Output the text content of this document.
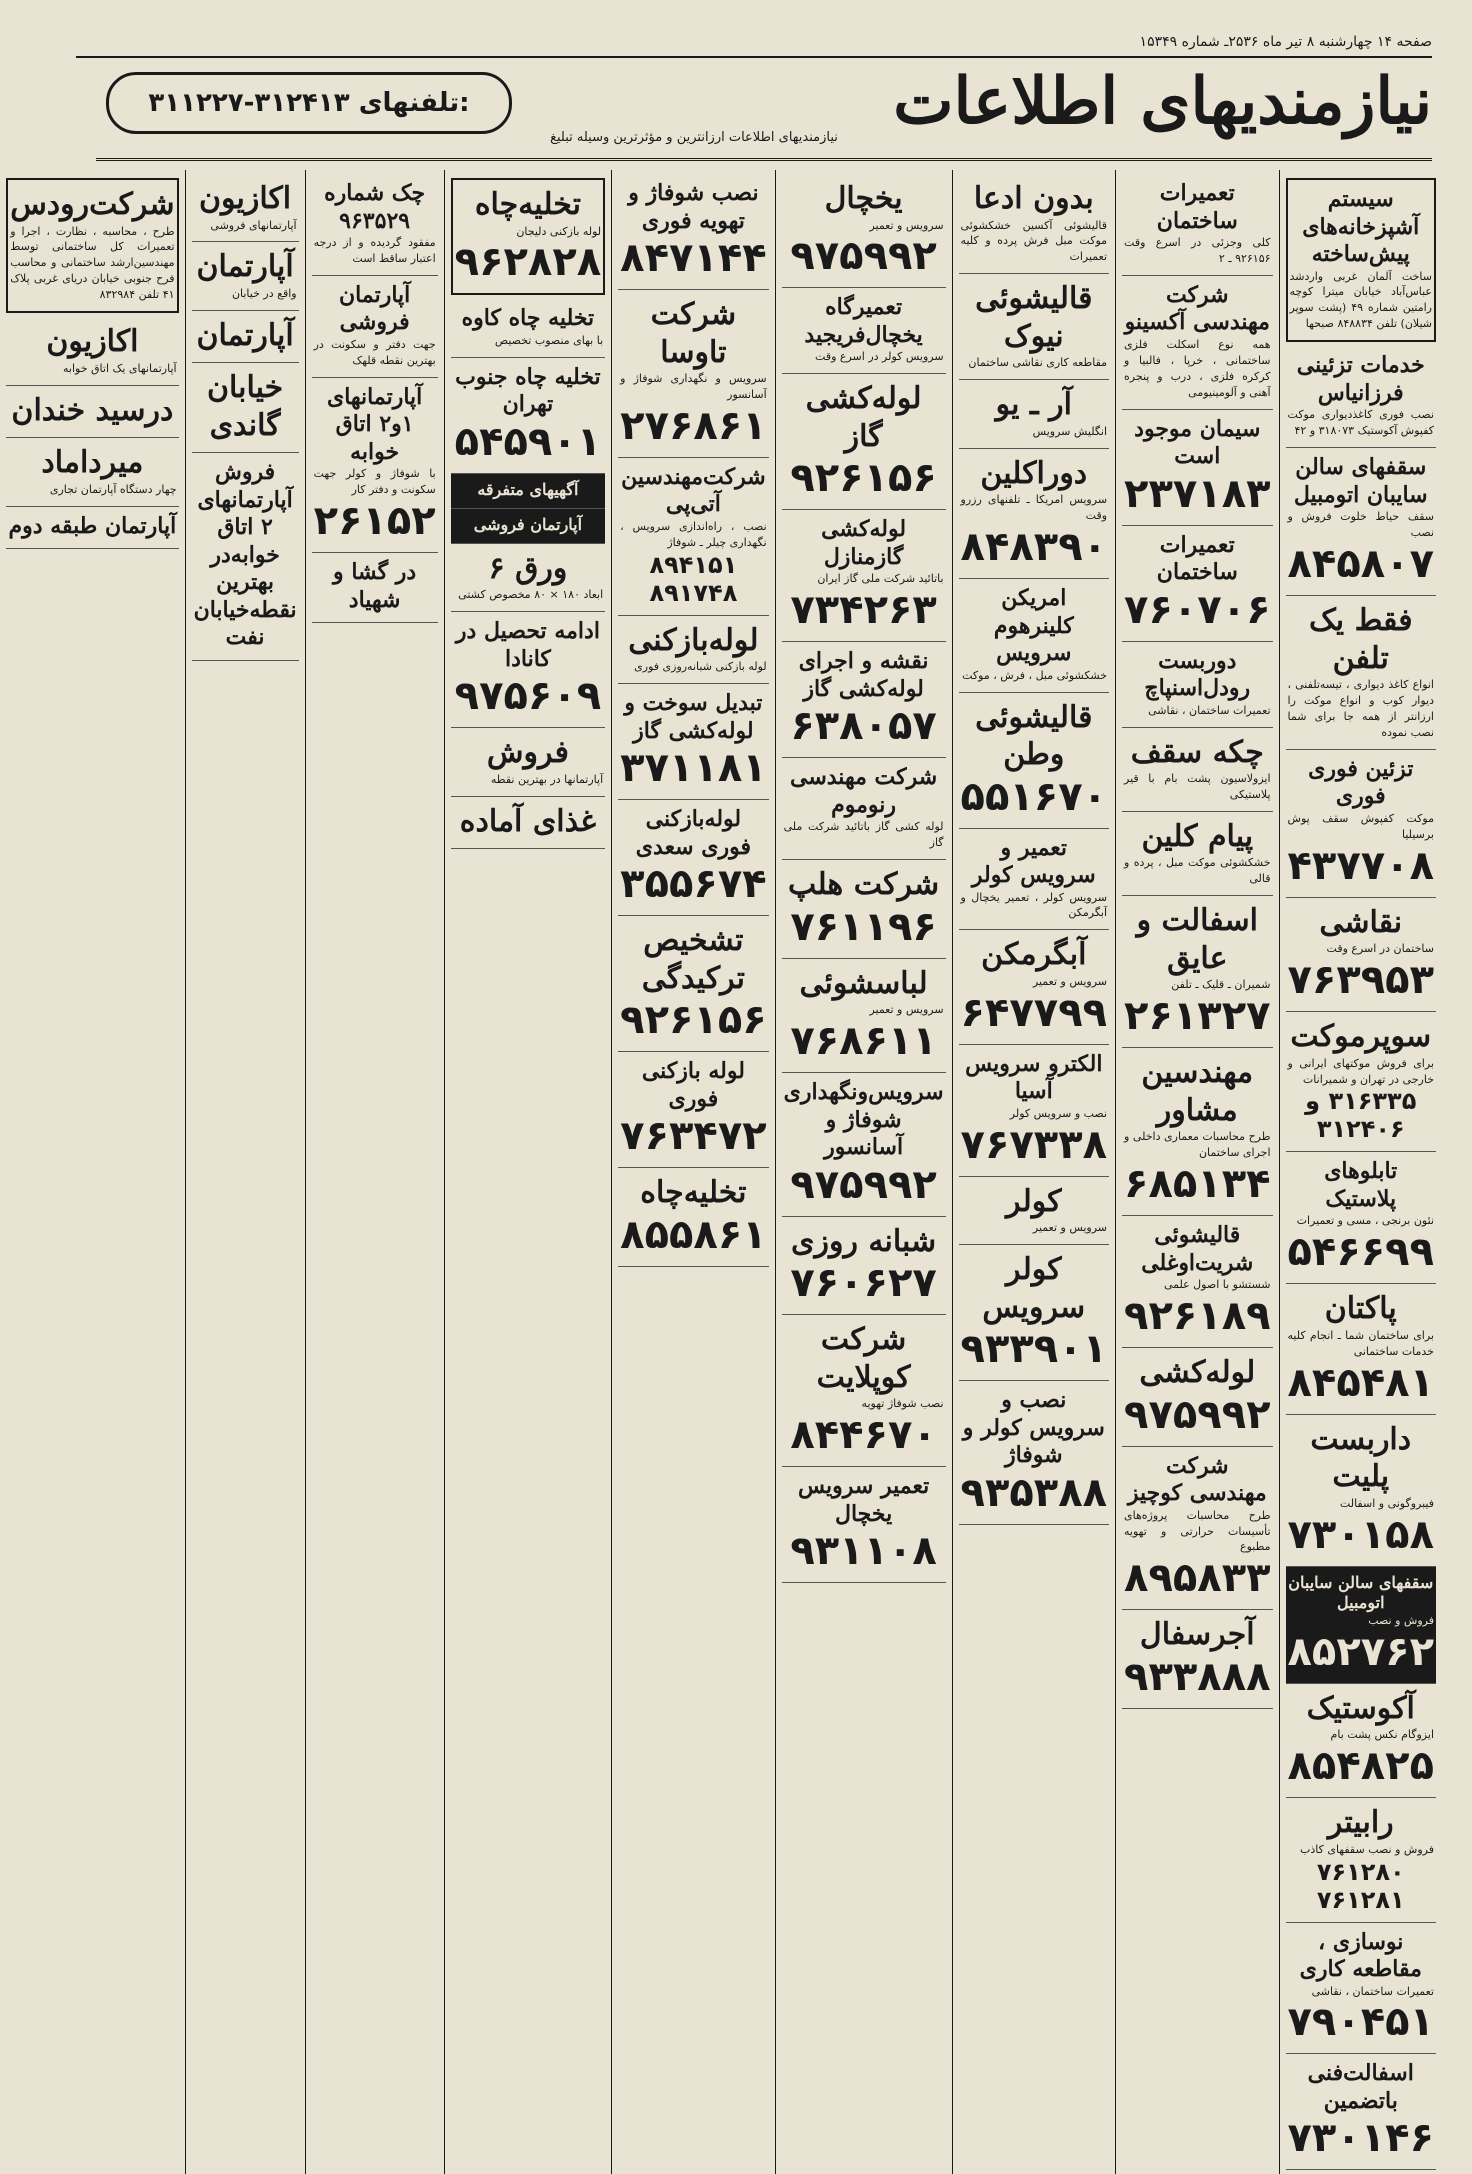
صفحه ۱۴ چهارشنبه ۸ تیر ماه ۲۵۳۶ـ شماره ۱۵۳۴۹
نیازمندیهای اطلاعات
۳۱۱۲۲۷-۳۱۲۴۱۳ تلفنهای:
نیازمندیهای اطلاعات ارزانترین و مؤثرترین وسیله تبلیغ
سیستم آشپزخانه‌های پیش‌ساخته
ساخت آلمان غربی واردشد عباس‌آباد خیابان میترا کوچه رامتین شماره ۴۹ (پشت سوپر شیلان) تلفن ۸۴۸۸۳۴ صبحها
خدمات تزئینی فرزانیاس
نصب فوری کاغذدیواری موکت کفپوش آکوستیک ۳۱۸۰۷۳ و ۴۲
سقفهای سالن سایبان اتومبیل
سقف حیاط خلوت فروش و نصب
۸۴۵۸۰۷
فقط یک تلفن
انواع کاغذ دیواری ، تیسه‌تلفنی ، دیوار کوب و انواع موکت را ارزانتر از همه جا برای شما نصب نموده
تزئین فوری فوری
موکت کفپوش سقف پوش برسیلیا
۴۳۷۷۰۸
نقاشی
ساختمان در اسرع وقت
۷۶۳۹۵۳
سوپرموکت
برای فروش موکتهای ایرانی و خارجی در تهران و شمیرانات
۳۱۶۳۳۵ و ۳۱۲۴۰۶
تابلوهای پلاستیک
نئون برنجی ، مسی و تعمیرات
۵۴۶۶۹۹
پاکتان
برای ساختمان شما ـ انجام کلیه خدمات ساختمانی
۸۴۵۴۸۱
داربست پلیت
فیبروگونی و اسفالت
۷۳۰۱۵۸
سقفهای سالن سایبان اتومبیل
فروش و نصب
۸۵۲۷۶۲
آکوستیک
ایزوگام نکس پشت بام
۸۵۴۸۲۵
رابیتر
فروش و نصب سقفهای کاذب
۷۶۱۲۸۰ ۷۶۱۲۸۱
نوسازی ، مقاطعه کاری
تعمیرات ساختمان ، نقاشی
۷۹۰۴۵۱
اسفالت‌فنی باتضمین
۷۳۰۱۴۶
تعمیرات ساختمان
کلی وجزئی در اسرع وقت ۹۲۶۱۵۶ ـ ۲
شرکت مهندسی آکسینو
همه نوع اسکلت فلزی ساختمانی ، خرپا ، فالبیا و کرکره فلزی ، درب و پنجره آهنی و آلومینیومی
سیمان موجود است
۲۳۷۱۸۳
تعمیرات ساختمان
۷۶۰۷۰۶
دوربست رودل‌اسنپاچ
تعمیرات ساختمان ، نقاشی
چکه سقف
ایزولاسیون پشت بام با قیر پلاستیکی
پیام کلین
خشکشوئی موکت مبل ، پرده و قالی
اسفالت و عایق
شمیران ـ قلیک ـ تلفن
۲۶۱۳۲۷
مهندسین مشاور
طرح محاسبات معماری داخلی و اجرای ساختمان
۶۸۵۱۳۴
قالیشوئی شریت‌اوغلی
شستشو با اصول علمی
۹۲۶۱۸۹
لوله‌کشی
۹۷۵۹۹۲
شرکت مهندسی کوچیز
طرح محاسبات پروژه‌های تأسیسات حرارتی و تهویه مطبوع
۸۹۵۸۳۳
آجرسفال
۹۳۳۸۸۸
بدون ادعا
قالیشوئی آکسین خشکشوئی موکت مبل فرش پرده و کلیه تعمیرات
قالیشوئی نیوک
مقاطعه کاری نقاشی ساختمان
آر ـ یو
انگلیش سرویس
دوراکلین
سرویس امریکا ـ تلفنهای رزرو وقت
۸۴۸۳۹۰
امریکن کلینرهوم سرویس
خشکشوئی مبل ، فرش ، موکت
قالیشوئی وطن
۵۵۱۶۷۰
تعمیر و سرویس کولر
سرویس کولر ، تعمیر یخچال و آبگرمکن
آبگرمکن
سرویس و تعمیر
۶۴۷۷۹۹
الکترو سرویس آسیا
نصب و سرویس کولر
۷۶۷۳۳۸
کولر
سرویس و تعمیر
کولر سرویس
۹۳۳۹۰۱
نصب و سرویس کولر و شوفاژ
۹۳۵۳۸۸
یخچال
سرویس و تعمیر
۹۷۵۹۹۲
تعمیرگاه یخچال‌فریجید
سرویس کولر در اسرع وقت
لوله‌کشی گاز
۹۲۶۱۵۶
لوله‌کشی گازمنازل
باتائید شرکت ملی گاز ایران
۷۳۴۲۶۳
نقشه و اجرای لوله‌کشی گاز
۶۳۸۰۵۷
شرکت مهندسی رنوموم
لوله کشی گاز باتائید شرکت ملی گاز
شرکت هلپ
۷۶۱۱۹۶
لباسشوئی
سرویس و تعمیر
۷۶۸۶۱۱
سرویس‌ونگهداری شوفاژ و آسانسور
۹۷۵۹۹۲
شبانه روزی
۷۶۰۶۲۷
شرکت کوپلایت
نصب شوفاژ تهویه
۸۴۴۶۷۰
تعمیر سرویس یخچال
۹۳۱۱۰۸
نصب شوفاژ و تهویه فوری
۸۴۷۱۴۴
شرکت تاوسا
سرویس و نگهداری شوفاژ و آسانسور
۲۷۶۸۶۱
شرکت‌مهندسین آتی‌پی
نصب ، راه‌اندازی سرویس ، نگهداری چیلر ـ شوفاژ
۸۹۴۱۵۱ ۸۹۱۷۴۸
لوله‌بازکنی
لوله بازکنی شبانه‌روزی فوری
تبدیل سوخت و لوله‌کشی گاز
۳۷۱۱۸۱
لوله‌بازکنی فوری سعدی
۳۵۵۶۷۴
تشخیص ترکیدگی
۹۲۶۱۵۶
لوله بازکنی فوری
۷۶۳۴۷۲
تخلیه‌چاه
۸۵۵۸۶۱
تخلیه‌چاه
لوله بازکنی دلیجان
۹۶۲۸۲۸
تخلیه چاه کاوه
با بهای منصوب تخصیص
تخلیه چاه جنوب تهران
۵۴۵۹۰۱
آگهیهای متفرقه
آپارتمان فروشی
ورق ۶
ابعاد ۱۸۰ × ۸۰ مخصوص کشتی
ادامه تحصیل در کانادا
۹۷۵۶۰۹
فروش
آپارتمانها در بهترین نقطه
غذای آماده
چک شماره ۹۶۳۵۲۹
مفقود گردیده و از درجه اعتبار ساقط است
آپارتمان فروشی
جهت دفتر و سکونت در بهترین نقطه قلهک
آپارتمانهای ۱و۲ اتاق خوابه
با شوفاژ و کولر جهت سکونت و دفتر کار
۲۶۱۵۲
در گشا و شهیاد
اکازیون
آپارتمانهای فروشی
آپارتمان
واقع در خیابان
آپارتمان
خیابان گاندی
فروش آپارتمانهای ۲ اتاق خوابه‌در بهترین نقطه‌خیابان نفت
شرکت‌رودس
طرح ، محاسبه ، نظارت ، اجرا و تعمیرات کل ساختمانی توسط مهندسین‌ارشد ساختمانی و محاسب فرح جنوبی خیابان دریای غربی پلاک ۴۱ تلفن ۸۳۲۹۸۴
اکازیون
آپارتمانهای یک اتاق خوابه
درسید خندان
میرداماد
چهار دستگاه آپارتمان تجاری
آپارتمان طبقه دوم
